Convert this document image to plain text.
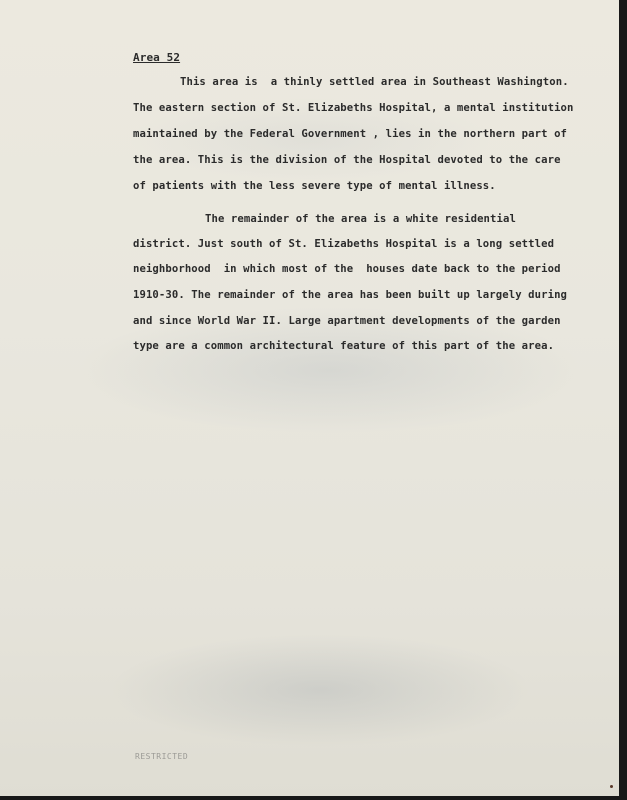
Area 52
This area is  a thinly settled area in Southeast Washington.
The eastern section of St. Elizabeths Hospital, a mental institution
maintained by the Federal Government , lies in the northern part of
the area. This is the division of the Hospital devoted to the care
of patients with the less severe type of mental illness.
The remainder of the area is a white residential
district. Just south of St. Elizabeths Hospital is a long settled
neighborhood  in which most of the  houses date back to the period
1910-30. The remainder of the area has been built up largely during
and since World War II. Large apartment developments of the garden
type are a common architectural feature of this part of the area.
RESTRICTED
